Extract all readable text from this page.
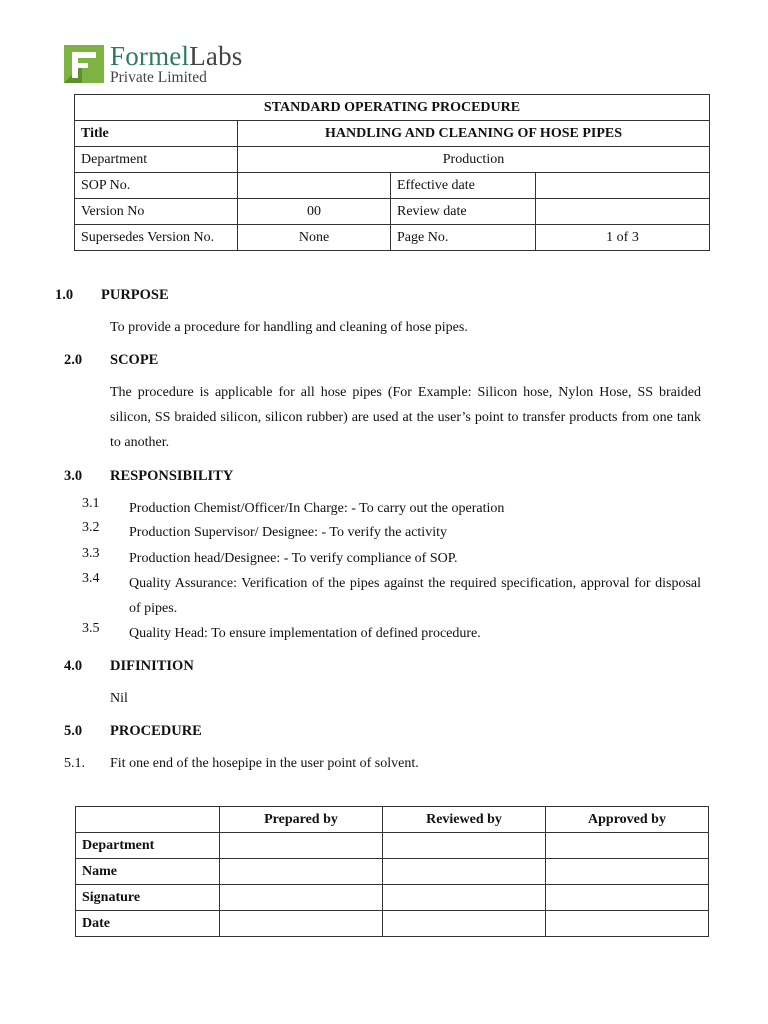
FormelLabs
Private Limited
STANDARD OPERATING PROCEDURE			
Title	HANDLING AND CLEANING OF HOSE PIPES		
Department	Production		
SOP No.		Effective date	
Version No	00	Review date	
Supersedes Version No.	None	Page No.	1 of 3
1.0 PURPOSE
To provide a procedure for handling and cleaning of hose pipes.
2.0 SCOPE
The procedure is applicable for all hose pipes (For Example: Silicon hose, Nylon Hose, SS braided silicon, SS braided silicon, silicon rubber) are used at the user’s point to transfer products from one tank to another.
3.0 RESPONSIBILITY
3.1 Production Chemist/Officer/In Charge: - To carry out the operation
3.2 Production Supervisor/ Designee: - To verify the activity
3.3 Production head/Designee: - To verify compliance of SOP.
3.4 Quality Assurance: Verification of the pipes against the required specification, approval for disposal of pipes.
3.5 Quality Head: To ensure implementation of defined procedure.
4.0 DIFINITION
Nil
5.0 PROCEDURE
5.1. Fit one end of the hosepipe in the user point of solvent.
	Prepared by	Reviewed by	Approved by
Department			
Name			
Signature			
Date			
